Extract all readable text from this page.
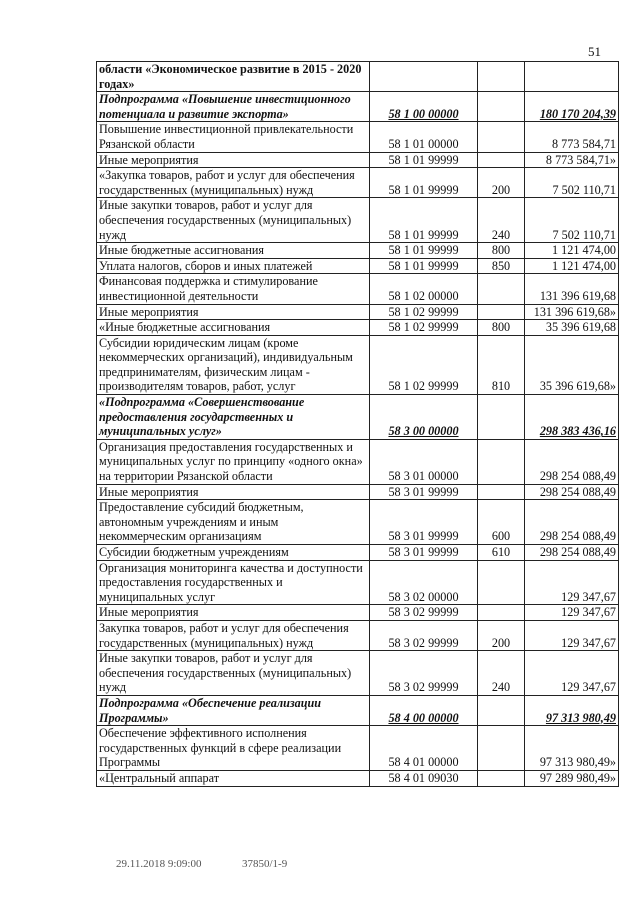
51
области «Экономическое развитие в 2015 - 2020 годах»			
Подпрограмма «Повышение инвестиционного потенциала и развитие экспорта»	58 1 00 00000		180 170 204,39
Повышение инвестиционной привлекательности Рязанской области	58 1 01 00000		8 773 584,71
Иные мероприятия	58 1 01 99999		8 773 584,71»
«Закупка товаров, работ и услуг для обеспечения государственных (муниципальных) нужд	58 1 01 99999	200	7 502 110,71
Иные закупки товаров, работ и услуг для обеспечения государственных (муниципальных) нужд	58 1 01 99999	240	7 502 110,71
Иные бюджетные ассигнования	58 1 01 99999	800	1 121 474,00
Уплата налогов, сборов и иных платежей	58 1 01 99999	850	1 121 474,00
Финансовая поддержка и стимулирование инвестиционной деятельности	58 1 02 00000		131 396 619,68
Иные мероприятия	58 1 02 99999		131 396 619,68»
«Иные бюджетные ассигнования	58 1 02 99999	800	35 396 619,68
Субсидии юридическим лицам (кроме некоммерческих организаций), индивидуальным предпринимателям, физическим лицам - производителям товаров, работ, услуг	58 1 02 99999	810	35 396 619,68»
«Подпрограмма «Совершенствование предоставления государственных и муниципальных услуг»	58 3 00 00000		298 383 436,16
Организация предоставления государственных и муниципальных услуг по принципу «одного окна» на территории Рязанской области	58 3 01 00000		298 254 088,49
Иные мероприятия	58 3 01 99999		298 254 088,49
Предоставление субсидий бюджетным, автономным учреждениям и иным некоммерческим организациям	58 3 01 99999	600	298 254 088,49
Субсидии бюджетным учреждениям	58 3 01 99999	610	298 254 088,49
Организация мониторинга качества и доступности предоставления государственных и муниципальных услуг	58 3 02 00000		129 347,67
Иные мероприятия	58 3 02 99999		129 347,67
Закупка товаров, работ и услуг для обеспечения государственных (муниципальных) нужд	58 3 02 99999	200	129 347,67
Иные закупки товаров, работ и услуг для обеспечения государственных (муниципальных) нужд	58 3 02 99999	240	129 347,67
Подпрограмма «Обеспечение реализации Программы»	58 4 00 00000		97 313 980,49
Обеспечение эффективного исполнения государственных функций в сфере реализации Программы	58 4 01 00000		97 313 980,49»
«Центральный аппарат	58 4 01 09030		97 289 980,49»
29.11.2018 9:09:00	37850/1-9
